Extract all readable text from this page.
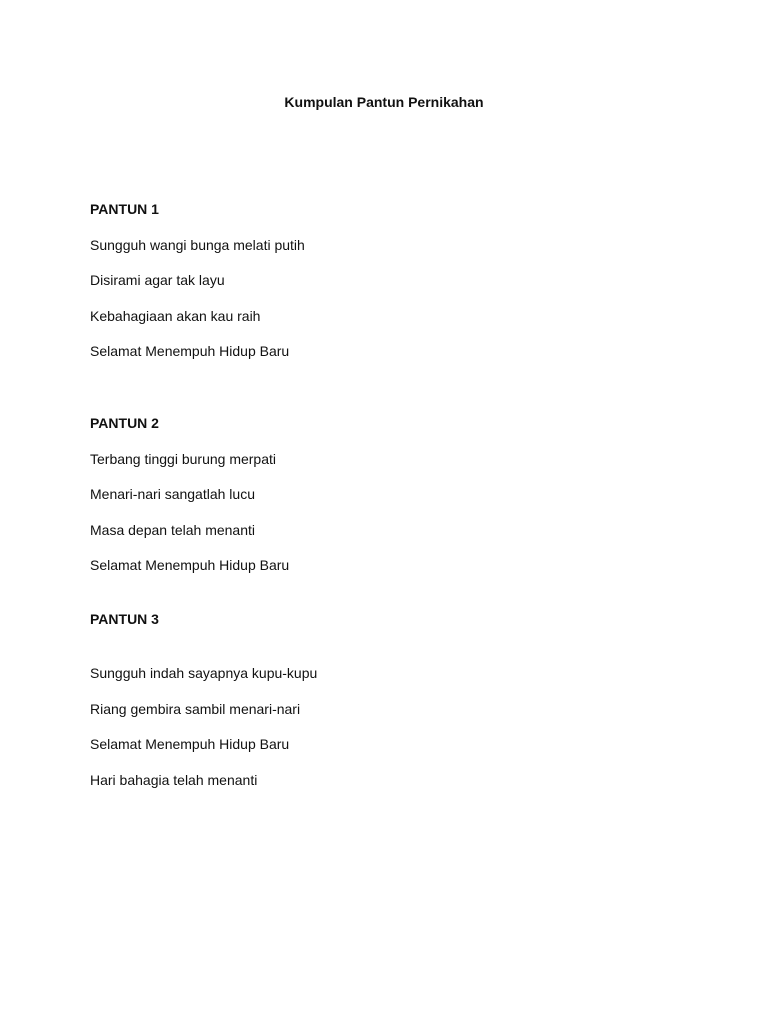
Kumpulan Pantun Pernikahan

PANTUN 1

Sungguh wangi bunga melati putih

Disirami agar tak layu

Kebahagiaan akan kau raih

Selamat Menempuh Hidup Baru

PANTUN 2

Terbang tinggi burung merpati

Menari-nari sangatlah lucu

Masa depan telah menanti

Selamat Menempuh Hidup Baru

PANTUN 3

Sungguh indah sayapnya kupu-kupu

Riang gembira sambil menari-nari

Selamat Menempuh Hidup Baru

Hari bahagia telah menanti
